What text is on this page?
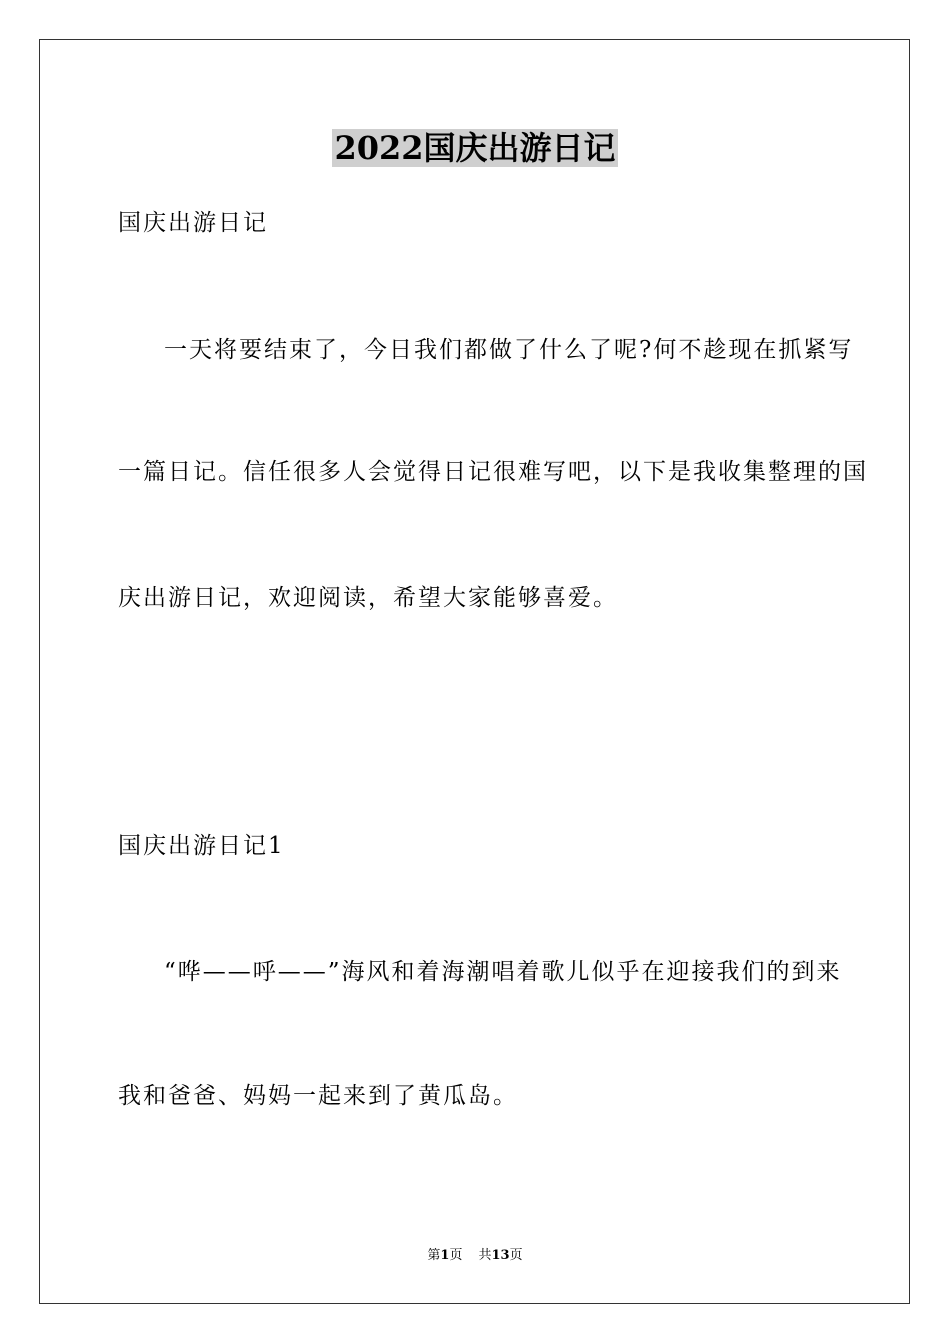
2022国庆出游日记
国庆出游日记
一天将要结束了，今日我们都做了什么了呢?何不趁现在抓紧写
一篇日记。信任很多人会觉得日记很难写吧，以下是我收集整理的国
庆出游日记，欢迎阅读，希望大家能够喜爱。
国庆出游日记1
“哗——呼——”海风和着海潮唱着歌儿似乎在迎接我们的到来
我和爸爸、妈妈一起来到了黄瓜岛。
第1页 共13页
